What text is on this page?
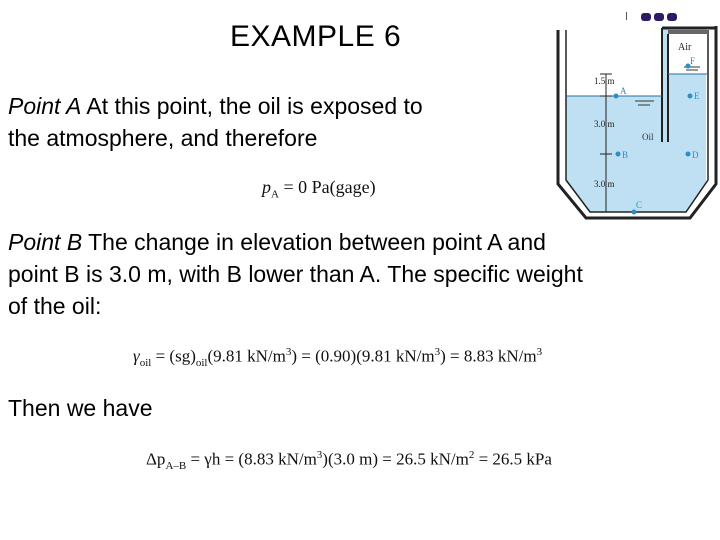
EXAMPLE 6
Point A At this point, the oil is exposed to
the atmosphere, and therefore
$p_A = 0$ Pa(gage)
Point B The change in elevation between point A and
point B is 3.0 m, with B lower than A. The specific weight
of the oil:
$\gamma_{oil} = (sg)_{oil}(9.81$ $kN/m^3) = (0.90)(9.81$ $kN/m^3) = 8.83$ $kN/m^3$
Then we have
$\Delta p_{A-B} = \gamma h = (8.83$ $kN/m^3)(3.0$ m) = 26.5 $kN/m^2 = 26.5$ kPa
1.5 m
3.0 m
3.0 m
Air
Oil
A
B
C
D
E
F
